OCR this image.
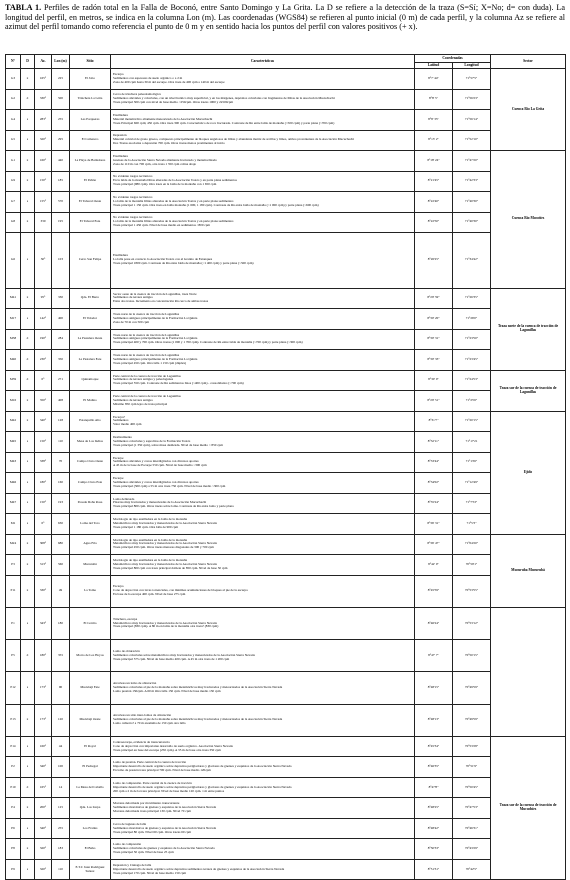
TABLA 1. Perfiles de radón total en la Falla de Boconó, entre Santo Domingo y La Grita. La D se refiere a la detección de la traza (S=Sí; X=No; d= con duda). La longitud del perfil, en metros, se indica en la columna Lon (m). Las coordenadas (WGS84) se refieren al punto inicial (0 m) de cada perfil, y la columna Az se refiere al azimut del perfil tomando como referencia el punto de 0 m y en sentido hacia los puntos del perfil con valores positivos (+ x).

N°	D	Az.	Lon (m)	Sitio	Características	Coordenadas		Sector	
						Latitud	Longitud		
G3	x	165°	225	El Jobo	Escarpa
Sedimentos con espesores de suelo orgánico ≥ a 2 m
Zona de 400 cpm hasta 30 m del escarpe. Otra traza de 400 cpm a 140 m del escarpe	8°7' 44"	71°57'5"	Cuenca Río La Grita	
G2	d	330°	500	Trinchera La Grita	Cerca de trinchera paleosismológica
Sedimentos aluviales y coluviales, con un nivel freático muy superficial, y en los márgenes, depósitos coluviales con fragmentos de filitas de la Asociación Mucuchachí
Traza principal 300 cpm con nivel de base medio ~250cpm. Otras trazas 1000 y 2x500cpm	8°8' 5"	71°56'23"		
G4	s	283°	255	Las Porqueras	Ensilladura
Material metamórfico altamente meteorizado de la Asociación Mucuchachí
Traza Principal 600 cpm; 450 cpm. Otra traza 300 cpm. Característico de roca fracturada. Contraste de Rn entre falda de montaña (~500 cpm) y parte plana (~700 cpm)	8°8' 35"	71°56'14"		
G5	s	320°	295	El Camarero	Depresión
Material coluvial de grano grueso, compuesto principalmente de bloques angulosos de filitas y abundante matriz de arcillas y limos, ambos provenientes de la Asociación Mucuchachí
Dos Trazas asociadas a depresión 700 cpm. Otras trazas menos prominentes al inicio	8°13' 2"	71°52'10"		
G1	x	160°	440	La Playa de Bailadores	Ensilladura
Gneises de la Asociación Sierra Nevada altamente fracturado y metamorfizado
Zona de 110 m con 700 cpm, otra traza 1 350 cpm colina abajo	8°18' 24"	71°47'20"	Cuenca Río Mocotíes	
G9	x	150°	185	El Peñón	No evidente rasgos tectónicos
En la falda de la montaña filitas alteradas de la Asociación Tostós y en parte plana sedimentos
Traza principal (980 cpm). Otra traza en la falda de la montaña con 1 650 cpm	8°21'45"	71°42'33"		
G7	s	155°	570	El Tabacal Oeste	No evidente rasgos tectónicos
La falda de la montaña filitas alteradas de la Asociación Tostós y en parte plana sedimentos
Traza principal 1 150 cpm. Otra traza en falda montaña (1 600, 1 180 cpm). Contraste de Rn entre falda de montaña (~1 000 cpm) y parte plana (~600 cpm)	8°22'40"	71°40'30"		
G8	x	330	195	El Tabacal Este	No evidente rasgos tectónicos
La falda de la montaña filitas alteradas de la Asociación Tostós y en parte plana sedimentos
Traza principal 1 450 cpm. Nivel de base medio en sedimentos ~800 cpm	8°22'50"	71°40'30"		
G6	s	30°	103	Cerro San Felipe	Ensilladura
La falla pone en contacto la Asociación Tostós con el Granito de Estanques
Traza principal 1800 cpm. Contraste de Rn entre falda de montaña (~1 400 cpm) y parte plana (~500 cpm)	8°26'25"	71°34'42"	
M41	x	95°	330	Qda. El Barro	Sector oeste de la cuenca de tracción de Lagunillas, traza Norte
Sedimentos de terraza antigua
Entre dos trazas. Incremento en concentración Rn cerca de ambas trazas	8°29' 59"	71°26'35"	Traza norte de la cuenca de tracción de Lagunillas	
M17	s	142°	400	El Volador	Traza norte de la cuenca de tracción de Lagunillas
Sedimentos antiguos principalmente de la Formación La Quinta
Zona de 70 m con 500 cpm	8°30' 20"	71°26'0"		
M38	d	190°	284	La Pastalera Oeste	Traza norte de la cuenca de tracción de Lagunillas
Sedimentos antiguos principalmente de la Formación La Quinta
Traza principal 400 y 700 cpm. Otras trazas (1 000 y 1 700 cpm). Contraste de Rn entre falda de montaña (~700 cpm) y parte plana (~300 cpm)	8°30' 31"	71°23'50"		
M40	d	230°	350	La Pastalera Este	Traza norte de la cuenca de tracción de Lagunillas
Sedimentos antiguos principalmente de la Formación La Quinta
Traza principal 450 cpm. Otra falla 1 150 cpm (dúplex)	8°30' 33"	71°23'45"		
M39	d	0°	271	Quinamoque	Parte central de la cuenca de tracción de Lagunillas
Sedimentos de terraza antigua y paleolagunas
Traza principal 550 cpm. Contraste de Rn sedimentos finos (~400 cpm) - consolidados (~700 cpm)	8°30' 0"	71°24'53"	Traza sur de la cuenca de tracción de Lagunillas	
M16	x	350°	408	El Molino	Parte central de la cuenca de tracción de Lagunillas
Sedimentos de terraza antigua
Máximo 850 cpm lejos de traza principal	8°29' 51"	71°25'6"		
M42	x	340°	128	Estanquillo Alto	Escarpa?
Sedimentos
Valor medio 400 cpm	8°31'7"	71°20'15"	Ejido	
M45	s	150°	110	Mesa de Los Indios	Deslizamiento
Sedimentos coluviales y saprolitos de la Formación Tostós
Traza principal (1 350 cpm), sobre masa deslizada. Nivel de base medio ~ 850 cpm	8°32'11"	71°17'21		
M43	s	338°	70	Campo Claro Oeste	Escarpe
Sedimentos aluviales y conos interdigitados con diversos aportes
A 45 m de la base de Escarpe 550 cpm. Nivel de base medio ~300 cpm	8°33'44"	71°13'6"		
M46	s	180°	160	Campo Claro Este	Escarpe
Sedimentos aluviales y conos interdigitados con diversos aportes
Traza principal (500 cpm) a 55 m otra traza 750 cpm. Nivel de base medio ~300 cpm	8°34'02"	71°12'49"		
M47	s	150°	193	Posada Doña Rosa	Loma deflexada
Pizarras muy fracturadas y meteorizadas de la Asociación Mucuchachí
Traza principal 800 cpm. Otras trazas sobre loma. Contraste de Rn entre lomo y parte plana	8°35'24"	71°7'53"		
M1	s	0°	630	Loma del Toro	Morfología de tipo ensilladura en la falda de la montaña
Metamórficos muy fracturados y meteorizados de la Asociación Sierra Nevada
Traza principal 1 180 cpm. Otra falla de 900 cpm	8°36' 31"	71°5'3"		
M24	x	308°	680	Agua Fría	Morfología de tipo ensilladura en la falda de la montaña
Metamórficos muy fracturados y meteorizados de la Asociación Sierra Nevada
Traza principal 450 cpm. Otras trazas menores diagonales de 300 y 700 cpm	8°36' 47"	71°04'20"	Mucuruba Mucurubá	
P3	x	313°	560	Mucurubá	Morfología de tipo ensilladura en la falda de la montaña
Metamórficos muy fracturados y meteorizados de la Asociación Sierra Nevada
Traza principal 800 cpm con traza principal doblete de 850 cpm. Nivel de base 50 cpm	8°42' 0"	70°59'1"		
P11	x	330°	49	La Toma	Escarpa
Cono de deyección con lavas torrenciales, con mínimas acumulaciones de bloques al pie de la escarpa
En base de la escarpa 400 cpm. Nivel de base 275 cpm	8°45'59"	70°53'55"	
P1	s	343°	180	El Cerrito	Trinchera, escarpa
Metamórficos muy fracturados y meteorizados de la Asociación Sierra Nevada
Traza principal (830 cpm). A 80 m en falda de la montaña otra traza? (830 cpm)	8°46'24"	70°53'12"		
P5	d	180°	355	Morro de Los Hoyos	Lomo de obturación
Sedimentos coluviales sobre metamórficos muy fracturados y meteorizados de la Asociación Sierra Nevada
Traza principal 575 cpm. Nivel de base medio 400 cpm. A 45 m otra traza de 1 200 cpm	8°47' 7"	70°50'15"		
P12	s	173°	90	Mucubají Este	Atraviesa un lomo de obturación
Sedimentos coluviales al pie de la montaña sobre metamórficos muy fracturados y meteorizados de la Asociación Sierra Nevada
Lomo presión 150cpm. A 60 m Otra falla 150 cpm. Nivel de base medio 130 cpm	8°48'15"	70°49'59"		
P13	x	173°	120	Mucubají Oeste	Atraviesa un sitio inter-lomos de obturación
Sedimentos coluviales al pie de la montaña sobre metamórficos muy fracturados y meteorizados de la Asociación Sierra Nevada
Lomo cubierto? a 70 m anomalía de 150 cpm otra falla	8°48'13"	70°49'59"		
P14	s	160°	44	El Royal	Contraescarpa, evidencia de transcurrencia
Cono de deyección con importante desarrollo de suelo orgánico. Asociación Sierra Nevada
Traza principal en base del escarpe (250 cpm). A 35 m de base otra traza 350 cpm	8°45'34"	70°53'28"	Traza sur de la cuenca de tracción de Mucuchíes	
P2	s	340°	100	El Pedregal	Lomo de presión. Parte central de la cuenca de tracción
Importante desarrollo de suelo orgánico sobre depósitos periglaciares y glaciares de gneises y esquistos de la Asociación Sierra Nevada
En lomo de presión traza principal 700 cpm. Nivel de base medio 120cpm	8°46'35"	70°51'9"		
P10	d	165°	14	La Mesa del Caballo	Lomo de compresión. Parte central de la cuenca de tracción
Importante desarrollo de suelo orgánico sobre depósitos periglaciares y glaciares de gneises y esquistos de la Asociación Sierra Nevada
200 cpm a 2 m de la traza principal. Nivel de base medio 120 cpm. 1 m entre puntos	8°47'8"	70°50'45"		
P4	x	200°	125	Qda. Los Zerpa	Morrena deformada por movimiento transcurrente
Sedimentos morrénicos de gneises y esquistos de la Asociación Sierra Nevada
Morrena deformada traza principal 130 cpm. Nivel 70 cpm	8°48'25"	70°47'53"		
P6	s	340°	255	Los Frailes	Cerca de lagunas de falla
Sedimentos morrénicos de gneises y esquistos de la Asociación Sierra Nevada
Traza principal 80 cpm. Nivel 60 cpm. Otras trazas 60 cpm	8°48'42"	70°46'31"		
P8	x	320°	183	El Baho	Lomo de compresión
Sedimentos coluviales de gneises y esquistos de la Asociación Sierra Nevada
Traza principal 50 cpm. Nivel de base 25 cpm	8°50'33"	70°43'29"		
P9	s	320°	110	E.T.C Juan Rodríguez Suárez	Depresión y Ciénaga de falla
Importante desarrollo de suelo orgánico sobre depósitos sedimentos terraza de gneises y esquistos de la Asociación Sierra Nevada
Traza principal 170 cpm. Nivel de base medio 150 cpm	8°51'31"	70°42'5"		
